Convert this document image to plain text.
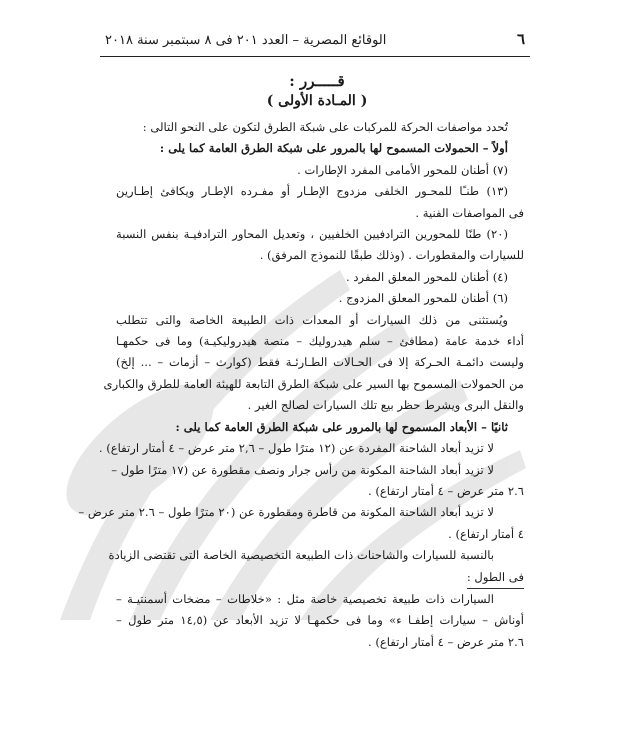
٦
الوقائع المصرية – العدد ٢٠١ فى ٨ سبتمبر سنة ٢٠١٨
قـــــرر :
( المـادة الأولى )
تُحدد مواصفات الحركة للمركبات على شبكة الطرق لتكون على النحو التالى :
أولاً – الحمولات المسموح لها بالمرور على شبكة الطرق العامة كما يلى :
(٧) أطنان للمحور الأمامى المفرد الإطارات .
(١٣) طنـًا للمحـور الخلفى مزدوج الإطـار أو مفـرده الإطـار ويكافئ إطـارين
فى المواصفات الفنية .
(٢٠) طنًا للمحورين الترادفيين الخلفيين ، وتعديل المحاور الترادفيـة بنفس النسبة
للسيارات والمقطورات . (وذلك طبقًا للنموذج المرفق) .
(٤) أطنان للمحور المعلق المفرد .
(٦) أطنان للمحور المعلق المزدوج .
ويُستثنى من ذلك السيارات أو المعدات ذات الطبيعة الخاصة والتى تتطلب
أداء خدمة عامة (مطافئ – سلم هيدروليك – منصة هيدروليكيـة) وما فى حكمهـا
وليست دائمـة الحـركة إلا فى الحـالات الطـارئـة فقط (كوارث – أزمات – ... إلخ)
من الحمولات المسموح بها السير على شبكة الطرق التابعة للهيئة العامة للطرق والكبارى
والنقل البرى ويشرط حظر بيع تلك السيارات لصالح الغير .
ثانيًا – الأبعاد المسموح لها بالمرور على شبكة الطرق العامة كما يلى :
لا تزيد أبعاد الشاحنة المفردة عن (١٢ مترًا طول – ٢,٦ متر عرض – ٤ أمتار ارتفاع) .
لا تزيد أبعاد الشاحنة المكونة من رأس جرار ونصف مقطورة عن (١٧ مترًا طول –
٢.٦ متر عرض – ٤ أمتار ارتفاع) .
لا تزيد أبعاد الشاحنة المكونة من قاطرة ومقطورة عن (٢٠ مترًا طول – ٢.٦ متر عرض –
٤ أمتار ارتفاع) .
بالنسبة للسيارات والشاحنات ذات الطبيعة التخصيصية الخاصة التى تقتضى الزيادة
فى الطول :
السيارات ذات طبيعة تخصيصية خاصة مثل : «خلاطات – مضخات أسمنتيـة –
أوناش – سيارات إطفـا ء» وما فى حكمهـا لا تزيد الأبعاد عن (١٤,٥ متر طول –
٢.٦ متر عرض – ٤ أمتار ارتفاع) .
